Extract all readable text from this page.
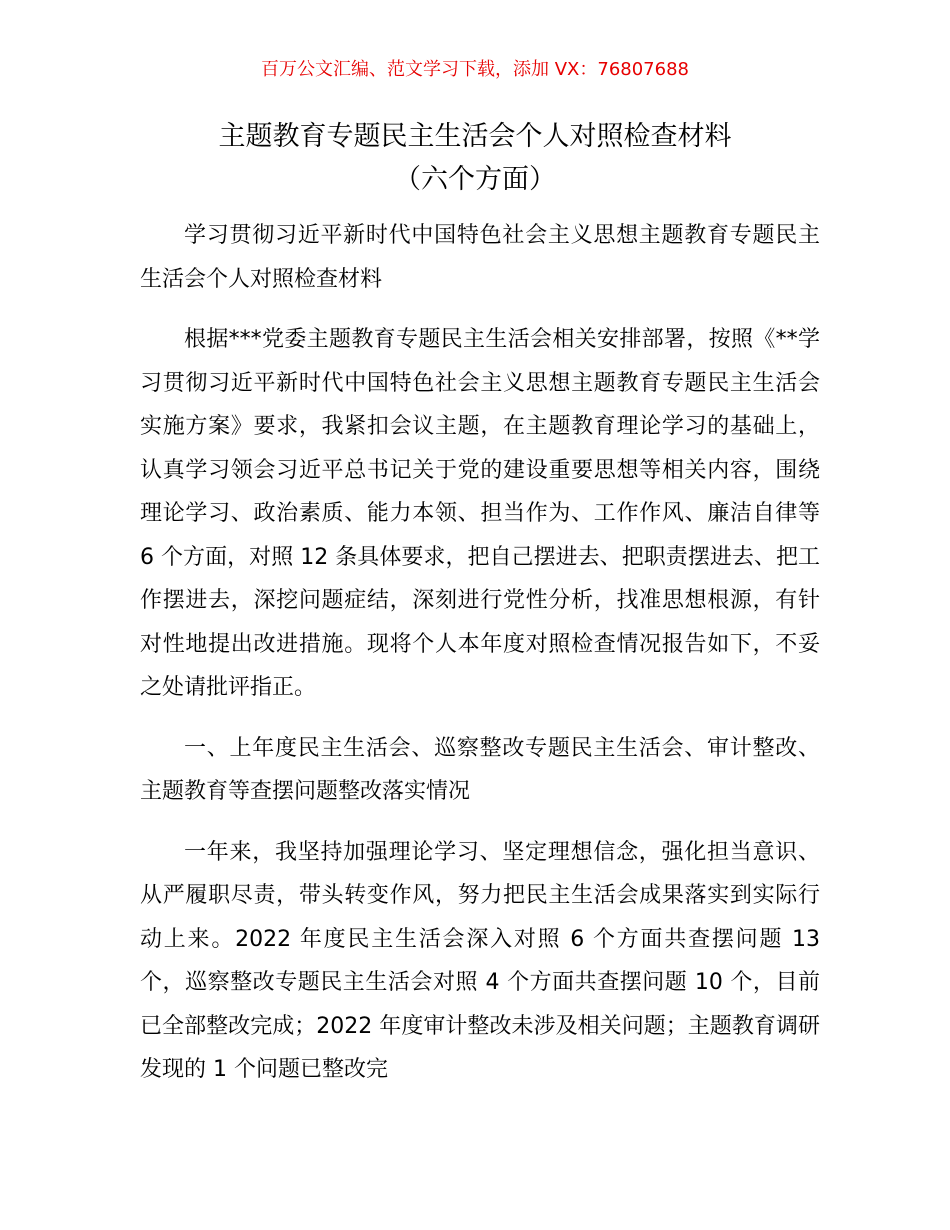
百万公文汇编、范文学习下载，添加 VX：76807688
主题教育专题民主生活会个人对照检查材料
（六个方面）

学习贯彻习近平新时代中国特色社会主义思想主题教育专题民主生活会个人对照检查材料

根据***党委主题教育专题民主生活会相关安排部署，按照《**学习贯彻习近平新时代中国特色社会主义思想主题教育专题民主生活会实施方案》要求，我紧扣会议主题，在主题教育理论学习的基础上，认真学习领会习近平总书记关于党的建设重要思想等相关内容，围绕理论学习、政治素质、能力本领、担当作为、工作作风、廉洁自律等 6 个方面，对照 12 条具体要求，把自己摆进去、把职责摆进去、把工作摆进去，深挖问题症结，深刻进行党性分析，找准思想根源，有针对性地提出改进措施。现将个人本年度对照检查情况报告如下，不妥之处请批评指正。

一、上年度民主生活会、巡察整改专题民主生活会、审计整改、主题教育等查摆问题整改落实情况

一年来，我坚持加强理论学习、坚定理想信念，强化担当意识、从严履职尽责，带头转变作风，努力把民主生活会成果落实到实际行动上来。2022 年度民主生活会深入对照 6 个方面共查摆问题 13 个，巡察整改专题民主生活会对照 4 个方面共查摆问题 10 个，目前已全部整改完成；2022 年度审计整改未涉及相关问题；主题教育调研发现的 1 个问题已整改完
